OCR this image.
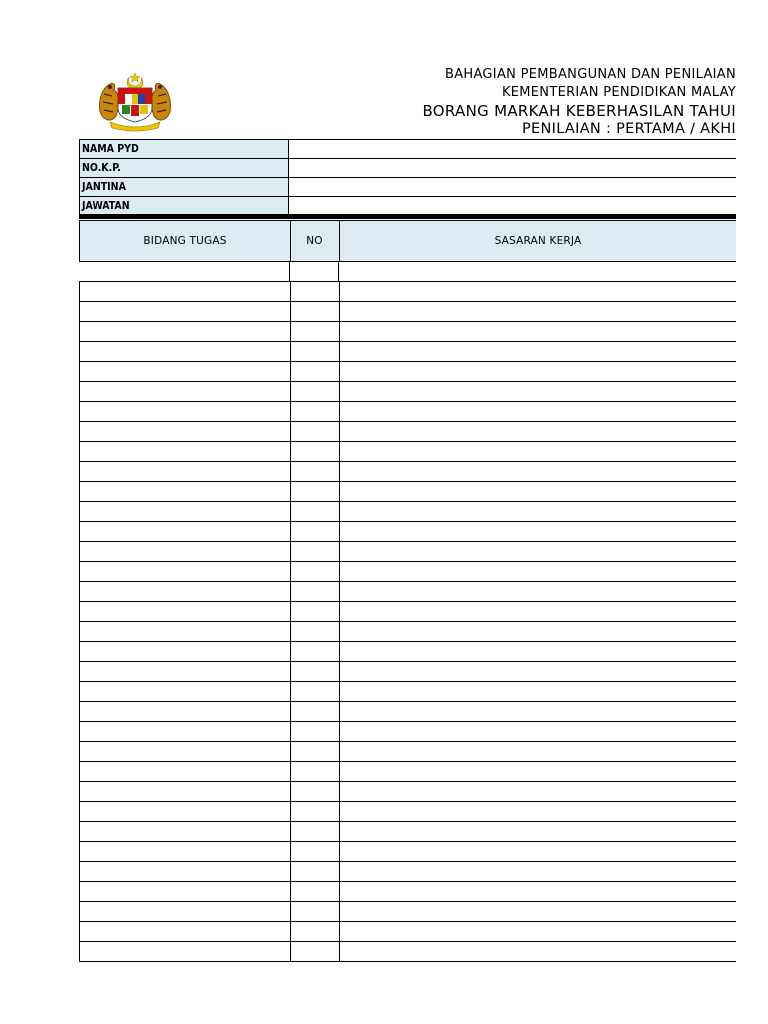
BAHAGIAN PEMBANGUNAN DAN PENILAIAN
KEMENTERIAN PENDIDIKAN MALAY
BORANG MARKAH KEBERHASILAN TAHUI
PENILAIAN : PERTAMA / AKHI
NAMA PYD
NO.K.P.
JANTINA
JAWATAN
BIDANG TUGAS	NO	SASARAN KERJA
